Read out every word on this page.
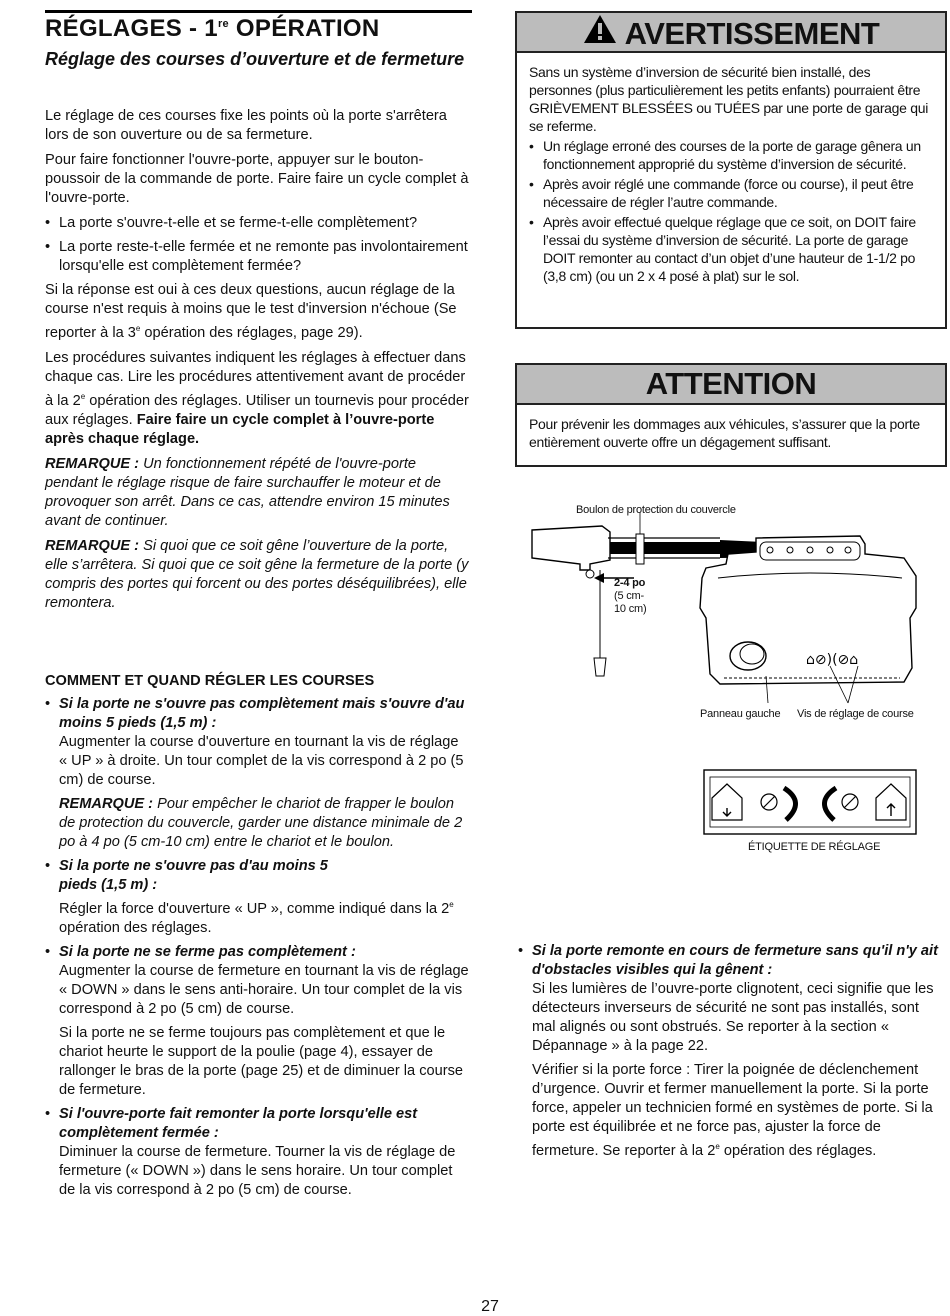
RÉGLAGES - 1re OPÉRATION
Réglage des courses d’ouverture et de fermeture

Le réglage de ces courses fixe les points où la porte s'arrêtera lors de son ouverture ou de sa fermeture.

Pour faire fonctionner l'ouvre-porte, appuyer sur le bouton-poussoir de la commande de porte. Faire faire un cycle complet à l'ouvre-porte.

• La porte s'ouvre-t-elle et se ferme-t-elle complètement?
• La porte reste-t-elle fermée et ne remonte pas involontairement lorsqu'elle est complètement fermée?

Si la réponse est oui à ces deux questions, aucun réglage de la course n'est requis à moins que le test d'inversion n'échoue (Se reporter à la 3e opération des réglages, page 29).

Les procédures suivantes indiquent les réglages à effectuer dans chaque cas. Lire les procédures attentivement avant de procéder à la 2e opération des réglages. Utiliser un tournevis pour procéder aux réglages. Faire faire un cycle complet à l’ouvre-porte après chaque réglage.

REMARQUE : Un fonctionnement répété de l'ouvre-porte pendant le réglage risque de faire surchauffer le moteur et de provoquer son arrêt. Dans ce cas, attendre environ 15 minutes avant de continuer.

REMARQUE : Si quoi que ce soit gêne l’ouverture de la porte, elle s’arrêtera. Si quoi que ce soit gêne la fermeture de la porte (y compris des portes qui forcent ou des portes déséquilibrées), elle remontera.

COMMENT ET QUAND RÉGLER LES COURSES

• Si la porte ne s'ouvre pas complètement mais s'ouvre d'au moins 5 pieds (1,5 m) :
Augmenter la course d'ouverture en tournant la vis de réglage « UP » à droite. Un tour complet de la vis correspond à 2 po (5 cm) de course.
REMARQUE : Pour empêcher le chariot de frapper le boulon de protection du couvercle, garder une distance minimale de 2 po à 4 po (5 cm-10 cm) entre le chariot et le boulon.
• Si la porte ne s'ouvre pas d'au moins 5 pieds (1,5 m) :
Régler la force d'ouverture « UP », comme indiqué dans la 2e opération des réglages.
• Si la porte ne se ferme pas complètement :
Augmenter la course de fermeture en tournant la vis de réglage « DOWN » dans le sens anti-horaire. Un tour complet de la vis correspond à 2 po (5 cm) de course.
Si la porte ne se ferme toujours pas complètement et que le chariot heurte le support de la poulie (page 4), essayer de rallonger le bras de la porte (page 25) et de diminuer la course de fermeture.
• Si l'ouvre-porte fait remonter la porte lorsqu'elle est complètement fermée :
Diminuer la course de fermeture. Tourner la vis de réglage de fermeture (« DOWN ») dans le sens horaire. Un tour complet de la vis correspond à 2 po (5 cm) de course.
AVERTISSEMENT

Sans un système d’inversion de sécurité bien installé, des personnes (plus particulièrement les petits enfants) pourraient être GRIÈVEMENT BLESSÉES ou TUÉES par une porte de garage qui se referme.

• Un réglage erroné des courses de la porte de garage gênera un fonctionnement approprié du système d’inversion de sécurité.
• Après avoir réglé une commande (force ou course), il peut être nécessaire de régler l’autre commande.
• Après avoir effectué quelque réglage que ce soit, on DOIT faire l’essai du système d’inversion de sécurité. La porte de garage DOIT remonter au contact d’un objet d’une hauteur de 1-1/2 po (3,8 cm) (ou un 2 x 4 posé à plat) sur le sol.
ATTENTION
Pour prévenir les dommages aux véhicules, s’assurer que la porte entièrement ouverte offre un dégagement suffisant.
⌂⊘)(⊘⌂
Boulon de protection du couvercle
2-4 po
(5 cm-
10 cm)
Panneau gauche Vis de réglage de course
ÉTIQUETTE DE RÉGLAGE
• Si la porte remonte en cours de fermeture sans qu'il n'y ait d'obstacles visibles qui la gênent :
Si les lumières de l’ouvre-porte clignotent, ceci signifie que les détecteurs inverseurs de sécurité ne sont pas installés, sont mal alignés ou sont obstrués. Se reporter à la section « Dépannage » à la page 22.
Vérifier si la porte force : Tirer la poignée de déclenchement d’urgence. Ouvrir et fermer manuellement la porte. Si la porte force, appeler un technicien formé en systèmes de porte. Si la porte est équilibrée et ne force pas, ajuster la force de fermeture. Se reporter à la 2e opération des réglages.
27
